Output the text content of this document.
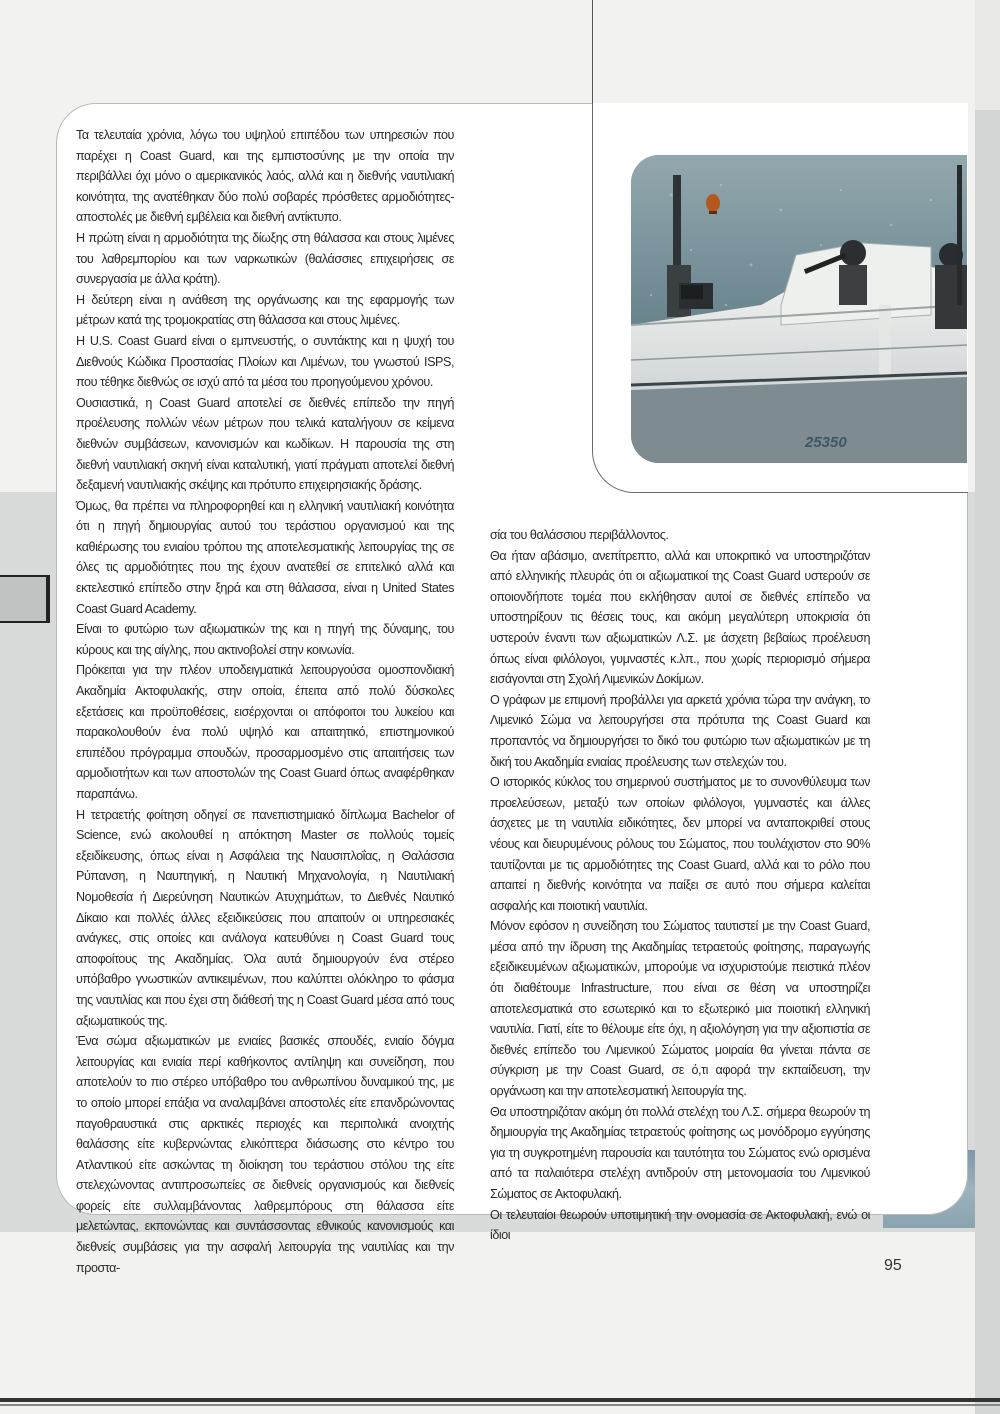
25350

Τα τελευταία χρόνια, λόγω του υψηλού επιπέδου των υπηρεσιών που παρέχει η Coast Guard, και της εμπιστοσύνης με την οποία την περιβάλλει όχι μόνο ο αμερικανικός λαός, αλλά και η διεθνής ναυτιλιακή κοινότητα, της ανατέθηκαν δύο πολύ σοβαρές πρόσθετες αρμοδιότητες-αποστολές με διεθνή εμβέλεια και διεθνή αντίκτυπο.

Η πρώτη είναι η αρμοδιότητα της δίωξης στη θάλασσα και στους λιμένες του λαθρεμπορίου και των ναρκωτικών (θαλάσσιες επιχειρήσεις σε συνεργασία με άλλα κράτη).

Η δεύτερη είναι η ανάθεση της οργάνωσης και της εφαρμογής των μέτρων κατά της τρομοκρατίας στη θάλασσα και στους λιμένες.

Η U.S. Coast Guard είναι ο εμπνευστής, ο συντάκτης και η ψυχή του Διεθνούς Κώδικα Προστασίας Πλοίων και Λιμένων, του γνωστού ISPS, που τέθηκε διεθνώς σε ισχύ από τα μέσα του προηγούμενου χρόνου.

Ουσιαστικά, η Coast Guard αποτελεί σε διεθνές επίπεδο την πηγή προέλευσης πολλών νέων μέτρων που τελικά καταλήγουν σε κείμενα διεθνών συμβάσεων, κανονισμών και κωδίκων. Η παρουσία της στη διεθνή ναυτιλιακή σκηνή είναι καταλυτική, γιατί πράγματι αποτελεί διεθνή δεξαμενή ναυτιλιακής σκέψης και πρότυπο επιχειρησιακής δράσης.

Όμως, θα πρέπει να πληροφορηθεί και η ελληνική ναυτιλιακή κοινότητα ότι η πηγή δημιουργίας αυτού του τεράστιου οργανισμού και της καθιέρωσης του ενιαίου τρόπου της αποτελεσματικής λειτουργίας της σε όλες τις αρμοδιότητες που της έχουν ανατεθεί σε επιτελικό αλλά και εκτελεστικό επίπεδο στην ξηρά και στη θάλασσα, είναι η United States Coast Guard Academy.

Είναι το φυτώριο των αξιωματικών της και η πηγή της δύναμης, του κύρους και της αίγλης, που ακτινοβολεί στην κοινωνία.

Πρόκειται για την πλέον υποδειγματικά λειτουργούσα ομοσπονδιακή Ακαδημία Ακτοφυλακής, στην οποία, έπειτα από πολύ δύσκολες εξετάσεις και προϋποθέσεις, εισέρχονται οι απόφοιτοι του λυκείου και παρακολουθούν ένα πολύ υψηλό και απαιτητικό, επιστημονικού επιπέδου πρόγραμμα σπουδών, προσαρμοσμένο στις απαιτήσεις των αρμοδιοτήτων και των αποστολών της Coast Guard όπως αναφέρθηκαν παραπάνω.

Η τετραετής φοίτηση οδηγεί σε πανεπιστημιακό δίπλωμα Bachelor of Science, ενώ ακολουθεί η απόκτηση Master σε πολλούς τομείς εξειδίκευσης, όπως είναι η Ασφάλεια της Ναυσιπλοΐας, η Θαλάσσια Ρύπανση, η Ναυπηγική, η Ναυτική Μηχανολογία, η Ναυτιλιακή Νομοθεσία ή Διερεύνηση Ναυτικών Ατυχημάτων, το Διεθνές Ναυτικό Δίκαιο και πολλές άλλες εξειδικεύσεις που απαιτούν οι υπηρεσιακές ανάγκες, στις οποίες και ανάλογα κατευθύνει η Coast Guard τους αποφοίτους της Ακαδημίας. Όλα αυτά δημιουργούν ένα στέρεο υπόβαθρο γνωστικών αντικειμένων, που καλύπτει ολόκληρο το φάσμα της ναυτιλίας και που έχει στη διάθεσή της η Coast Guard μέσα από τους αξιωματικούς της.

Ένα σώμα αξιωματικών με ενιαίες βασικές σπουδές, ενιαίο δόγμα λειτουργίας και ενιαία περί καθήκοντος αντίληψη και συνείδηση, που αποτελούν το πιο στέρεο υπόβαθρο του ανθρωπίνου δυναμικού της, με το οποίο μπορεί επάξια να αναλαμβάνει αποστολές είτε επανδρώνοντας παγοθραυστικά στις αρκτικές περιοχές και περιπολικά ανοιχτής θαλάσσης είτε κυβερνώντας ελικόπτερα διάσωσης στο κέντρο του Ατλαντικού είτε ασκώντας τη διοίκηση του τεράστιου στόλου της είτε στελεχώνοντας αντιπροσωπείες σε διεθνείς οργανισμούς και διεθνείς φορείς είτε συλλαμβάνοντας λαθρεμπόρους στη θάλασσα είτε μελετώντας, εκπονώντας και συντάσσοντας εθνικούς κανονισμούς και διεθνείς συμβάσεις για την ασφαλή λειτουργία της ναυτιλίας και την προστα-

σία του θαλάσσιου περιβάλλοντος.

Θα ήταν αβάσιμο, ανεπίτρεπτο, αλλά και υποκριτικό να υποστηριζόταν από ελληνικής πλευράς ότι οι αξιωματικοί της Coast Guard υστερούν σε οποιονδήποτε τομέα που εκλήθησαν αυτοί σε διεθνές επίπεδο να υποστηρίξουν τις θέσεις τους, και ακόμη μεγαλύτερη υποκρισία ότι υστερούν έναντι των αξιωματικών Λ.Σ. με άσχετη βεβαίως προέλευση όπως είναι φιλόλογοι, γυμναστές κ.λπ., που χωρίς περιορισμό σήμερα εισάγονται στη Σχολή Λιμενικών Δοκίμων.

Ο γράφων με επιμονή προβάλλει για αρκετά χρόνια τώρα την ανάγκη, το Λιμενικό Σώμα να λειτουργήσει στα πρότυπα της Coast Guard και προπαντός να δημιουργήσει το δικό του φυτώριο των αξιωματικών με τη δική του Ακαδημία ενιαίας προέλευσης των στελεχών του.

Ο ιστορικός κύκλος του σημερινού συστήματος με το συνονθύλευμα των προελεύσεων, μεταξύ των οποίων φιλόλογοι, γυμναστές και άλλες άσχετες με τη ναυτιλία ειδικότητες, δεν μπορεί να ανταποκριθεί στους νέους και διευρυμένους ρόλους του Σώματος, που τουλάχιστον στο 90% ταυτίζονται με τις αρμοδιότητες της Coast Guard, αλλά και το ρόλο που απαιτεί η διεθνής κοινότητα να παίξει σε αυτό που σήμερα καλείται ασφαλής και ποιοτική ναυτιλία.

Μόνον εφόσον η συνείδηση του Σώματος ταυτιστεί με την Coast Guard, μέσα από την ίδρυση της Ακαδημίας τετραετούς φοίτησης, παραγωγής εξειδικευμένων αξιωματικών, μπορούμε να ισχυριστούμε πειστικά πλέον ότι διαθέτουμε Infrastructure, που είναι σε θέση να υποστηρίζει αποτελεσματικά στο εσωτερικό και το εξωτερικό μια ποιοτική ελληνική ναυτιλία. Γιατί, είτε το θέλουμε είτε όχι, η αξιολόγηση για την αξιοπιστία σε διεθνές επίπεδο του Λιμενικού Σώματος μοιραία θα γίνεται πάντα σε σύγκριση με την Coast Guard, σε ό,τι αφορά την εκπαίδευση, την οργάνωση και την αποτελεσματική λειτουργία της.

Θα υποστηριζόταν ακόμη ότι πολλά στελέχη του Λ.Σ. σήμερα θεωρούν τη δημιουργία της Ακαδημίας τετραετούς φοίτησης ως μονόδρομο εγγύησης για τη συγκροτημένη παρουσία και ταυτότητα του Σώματος ενώ ορισμένα από τα παλαιότερα στελέχη αντιδρούν στη μετονομασία του Λιμενικού Σώματος σε Ακτοφυλακή.

Οι τελευταίοι θεωρούν υποτιμητική την ονομασία σε Ακτοφυλακή, ενώ οι ίδιοι

95
